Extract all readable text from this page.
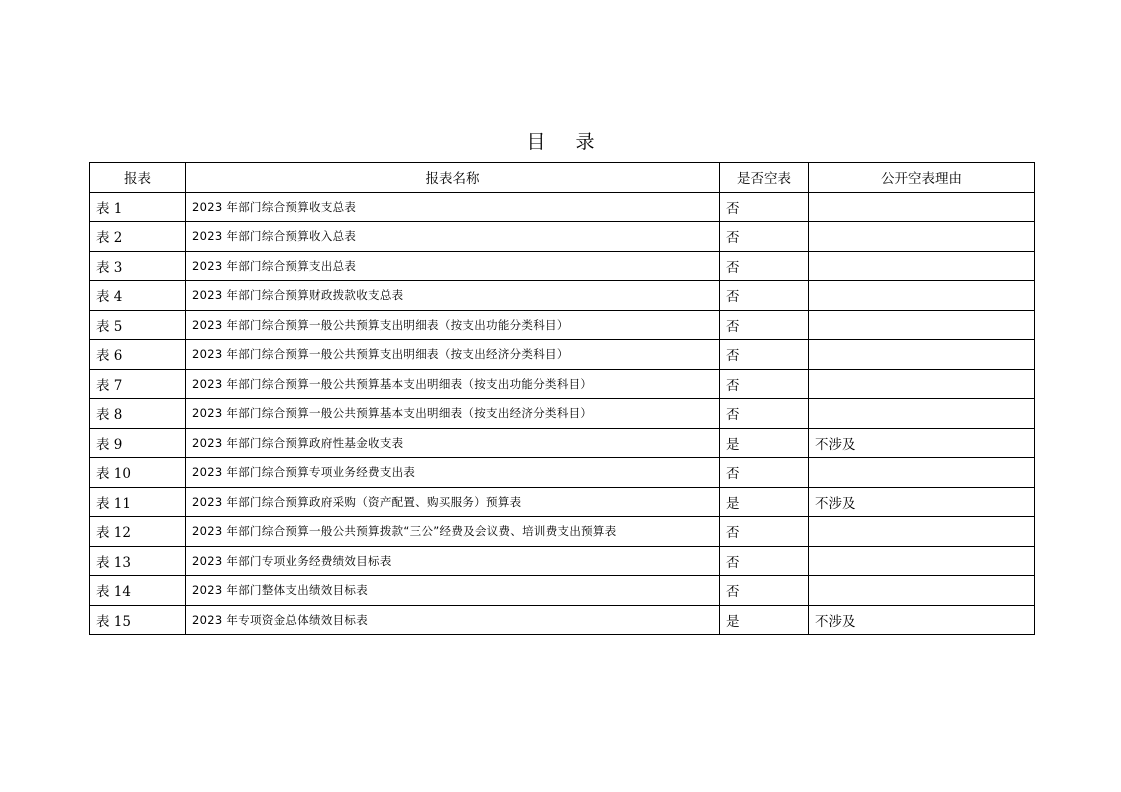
目 录
报表	报表名称	是否空表	公开空表理由
表 1	2023 年部门综合预算收支总表	否	
表 2	2023 年部门综合预算收入总表	否	
表 3	2023 年部门综合预算支出总表	否	
表 4	2023 年部门综合预算财政拨款收支总表	否	
表 5	2023 年部门综合预算一般公共预算支出明细表（按支出功能分类科目）	否	
表 6	2023 年部门综合预算一般公共预算支出明细表（按支出经济分类科目）	否	
表 7	2023 年部门综合预算一般公共预算基本支出明细表（按支出功能分类科目）	否	
表 8	2023 年部门综合预算一般公共预算基本支出明细表（按支出经济分类科目）	否	
表 9	2023 年部门综合预算政府性基金收支表	是	不涉及
表 10	2023 年部门综合预算专项业务经费支出表	否	
表 11	2023 年部门综合预算政府采购（资产配置、购买服务）预算表	是	不涉及
表 12	2023 年部门综合预算一般公共预算拨款“三公”经费及会议费、培训费支出预算表	否	
表 13	2023 年部门专项业务经费绩效目标表	否	
表 14	2023 年部门整体支出绩效目标表	否	
表 15	2023 年专项资金总体绩效目标表	是	不涉及
